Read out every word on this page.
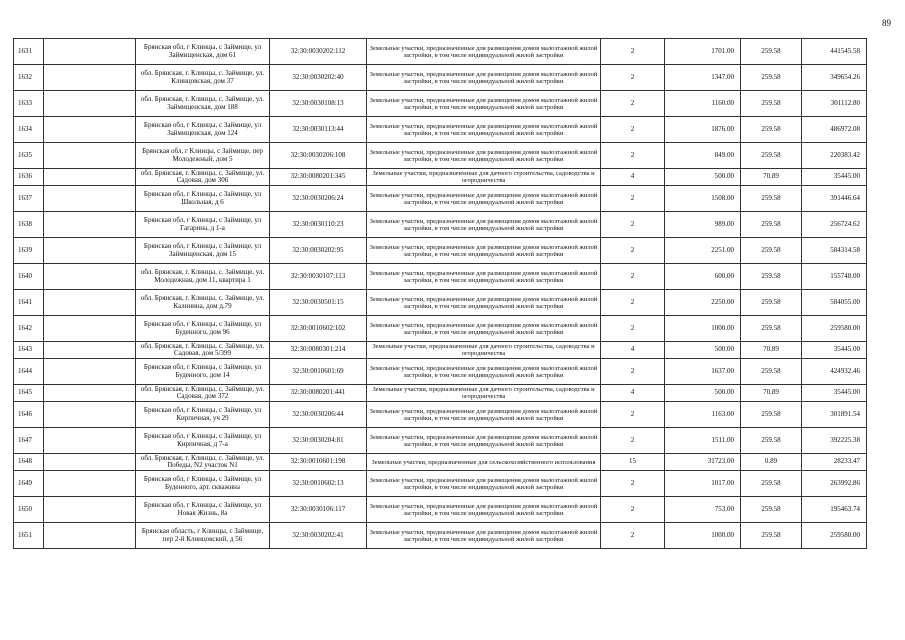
89
1631		Брянская обл, г Клинцы, с Займище, ул Займищенская, дом 61	32:30:0030202:112	Земельные участки, предназначенные для размещения домов малоэтажной жилой застройки, в том числе индивидуальной жилой застройки	2	1701.00	259.58	441545.58
1632		обл. Брянская, г. Клинцы, с. Займище, ул. Клинцовская, дом 37	32:30:0030202:40	Земельные участки, предназначенные для размещения домов малоэтажной жилой застройки, в том числе индивидуальной жилой застройки	2	1347.00	259.58	349654.26
1633		обл. Брянская, г. Клинцы, с. Займище, ул. Займищенская, дом 188	32:30:0030108:13	Земельные участки, предназначенные для размещения домов малоэтажной жилой застройки, в том числе индивидуальной жилой застройки	2	1160.00	259.58	301112.80
1634		Брянская обл, г Клинцы, с Займище, ул Займищенская, дом 124	32:30:0030113:44	Земельные участки, предназначенные для размещения домов малоэтажной жилой застройки, в том числе индивидуальной жилой застройки	2	1876.00	259.58	486972.08
1635		Брянская обл, г Клинцы, с Займище, пер Молодежный, дом 5	32:30:0030206:108	Земельные участки, предназначенные для размещения домов малоэтажной жилой застройки, в том числе индивидуальной жилой застройки	2	849.00	259.58	220383.42
1636		обл. Брянская, г. Клинцы, с. Займище, ул. Садовая, дом 306	32:30:0080201:345	Земельные участки, предназначенные для дачного строительства, садоводства и огородничества	4	500.00	70.89	35445.00
1637		Брянская обл, г Клинцы, с Займище, ул Школьная, д 6	32:30:0030206:24	Земельные участки, предназначенные для размещения домов малоэтажной жилой застройки, в том числе индивидуальной жилой застройки	2	1508.00	259.58	391446.64
1638		Брянская обл, г Клинцы, с Займище, ул Гагарина, д 1-а	32:30:0030110:23	Земельные участки, предназначенные для размещения домов малоэтажной жилой застройки, в том числе индивидуальной жилой застройки	2	989.00	259.58	256724.62
1639		Брянская обл, г Клинцы, с Займище, ул Займищенская, дом 15	32:30:0030202:95	Земельные участки, предназначенные для размещения домов малоэтажной жилой застройки, в том числе индивидуальной жилой застройки	2	2251.00	259.58	584314.58
1640		обл. Брянская, г. Клинцы, с. Займище, ул. Молодежная, дом 11, квартира 1	32:30:0030107:113	Земельные участки, предназначенные для размещения домов малоэтажной жилой застройки, в том числе индивидуальной жилой застройки	2	600.00	259.58	155748.00
1641		обл. Брянская, г. Клинцы, с. Займище, ул. Калинина, дом д.79	32:30:0030501:15	Земельные участки, предназначенные для размещения домов малоэтажной жилой застройки, в том числе индивидуальной жилой застройки	2	2250.00	259.58	584055.00
1642		Брянская обл, г Клинцы, с Займище, ул Буденного, дом 96	32:30:0010602:102	Земельные участки, предназначенные для размещения домов малоэтажной жилой застройки, в том числе индивидуальной жилой застройки	2	1000.00	259.58	259580.00
1643		обл. Брянская, г. Клинцы, с. Займище, ул. Садовая, дом 5/399	32:30:0080301:214	Земельные участки, предназначенные для дачного строительства, садоводства и огородничества	4	500.00	70.89	35445.00
1644		Брянская обл, г Клинцы, с Займище, ул Буденного, дом 14	32:30:0010601:69	Земельные участки, предназначенные для размещения домов малоэтажной жилой застройки, в том числе индивидуальной жилой застройки	2	1637.00	259.58	424932.46
1645		обл. Брянская, г. Клинцы, с. Займище, ул. Садовая, дом 372	32:30:0080201:441	Земельные участки, предназначенные для дачного строительства, садоводства и огородничества	4	500.00	70.89	35445.00
1646		Брянская обл, г Клинцы, с Займище, ул Кирпичная, уч 29	32:30:0030206:44	Земельные участки, предназначенные для размещения домов малоэтажной жилой застройки, в том числе индивидуальной жилой застройки	2	1163.00	259.58	301891.54
1647		Брянская обл, г Клинцы, с Займище, ул Кирпичная, д 7-а	32:30:0030204:81	Земельные участки, предназначенные для размещения домов малоэтажной жилой застройки, в том числе индивидуальной жилой застройки	2	1511.00	259.58	392225.38
1648		обл. Брянская, г. Клинцы, с. Займище, ул. Победы, N2 участок N1	32:30:0010601:198	Земельные участки, предназначенные для сельскохозяйственного использования	15	31723.00	0.89	28233.47
1649		Брянская обл, г Клинцы, с Займище, ул Буденного, арт. скважина	32:30:0010602:13	Земельные участки, предназначенные для размещения домов малоэтажной жилой застройки, в том числе индивидуальной жилой застройки	2	1017.00	259.58	263992.86
1650		Брянская обл, г Клинцы, с Займище, ул Новая Жизнь, 8а	32:30:0030106:117	Земельные участки, предназначенные для размещения домов малоэтажной жилой застройки, в том числе индивидуальной жилой застройки	2	753.00	259.58	195463.74
1651		Брянская область, г Клинцы, с Займище, пер 2-й Клинцовский, д 56	32:30:0030202:41	Земельные участки, предназначенные для размещения домов малоэтажной жилой застройки, в том числе индивидуальной жилой застройки	2	1000.00	259.58	259580.00
